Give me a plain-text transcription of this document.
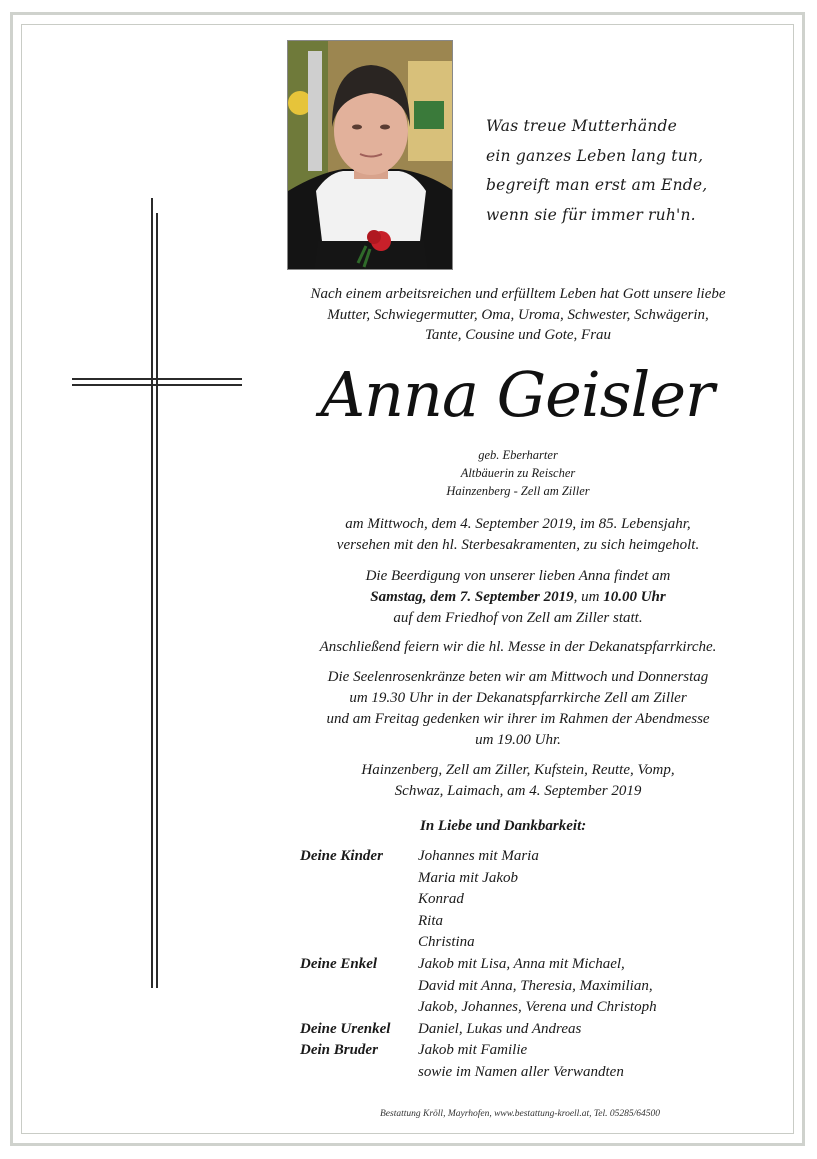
Was treue Mutterhände
ein ganzes Leben lang tun,
begreift man erst am Ende,
wenn sie für immer ruh'n.
Nach einem arbeitsreichen und erfülltem Leben hat Gott unsere liebe
Mutter, Schwiegermutter, Oma, Uroma, Schwester, Schwägerin,
Tante, Cousine und Gote, Frau
Anna Geisler
geb. Eberharter
Altbäuerin zu Reischer
Hainzenberg - Zell am Ziller
am Mittwoch, dem 4. September 2019, im 85. Lebensjahr,
versehen mit den hl. Sterbesakramenten, zu sich heimgeholt.
Die Beerdigung von unserer lieben Anna findet am
Samstag, dem 7. September 2019, um 10.00 Uhr
auf dem Friedhof von Zell am Ziller statt.
Anschließend feiern wir die hl. Messe in der Dekanatspfarrkirche.
Die Seelenrosenkränze beten wir am Mittwoch und Donnerstag
um 19.30 Uhr in der Dekanatspfarrkirche Zell am Ziller
und am Freitag gedenken wir ihrer im Rahmen der Abendmesse
um 19.00 Uhr.
Hainzenberg, Zell am Ziller, Kufstein, Reutte, Vomp,
Schwaz, Laimach, am 4. September 2019
In Liebe und Dankbarkeit:
Deine Kinder Johannes mit Maria
Maria mit Jakob
Konrad
Rita
Christina
Deine Enkel	Jakob mit Lisa, Anna mit Michael,
David mit Anna, Theresia, Maximilian,
Jakob, Johannes, Verena und Christoph
Deine Urenkel Daniel, Lukas und Andreas
Dein Bruder	Jakob mit Familie
sowie im Namen aller Verwandten
Bestattung Kröll, Mayrhofen, www.bestattung-kroell.at, Tel. 05285/64500
